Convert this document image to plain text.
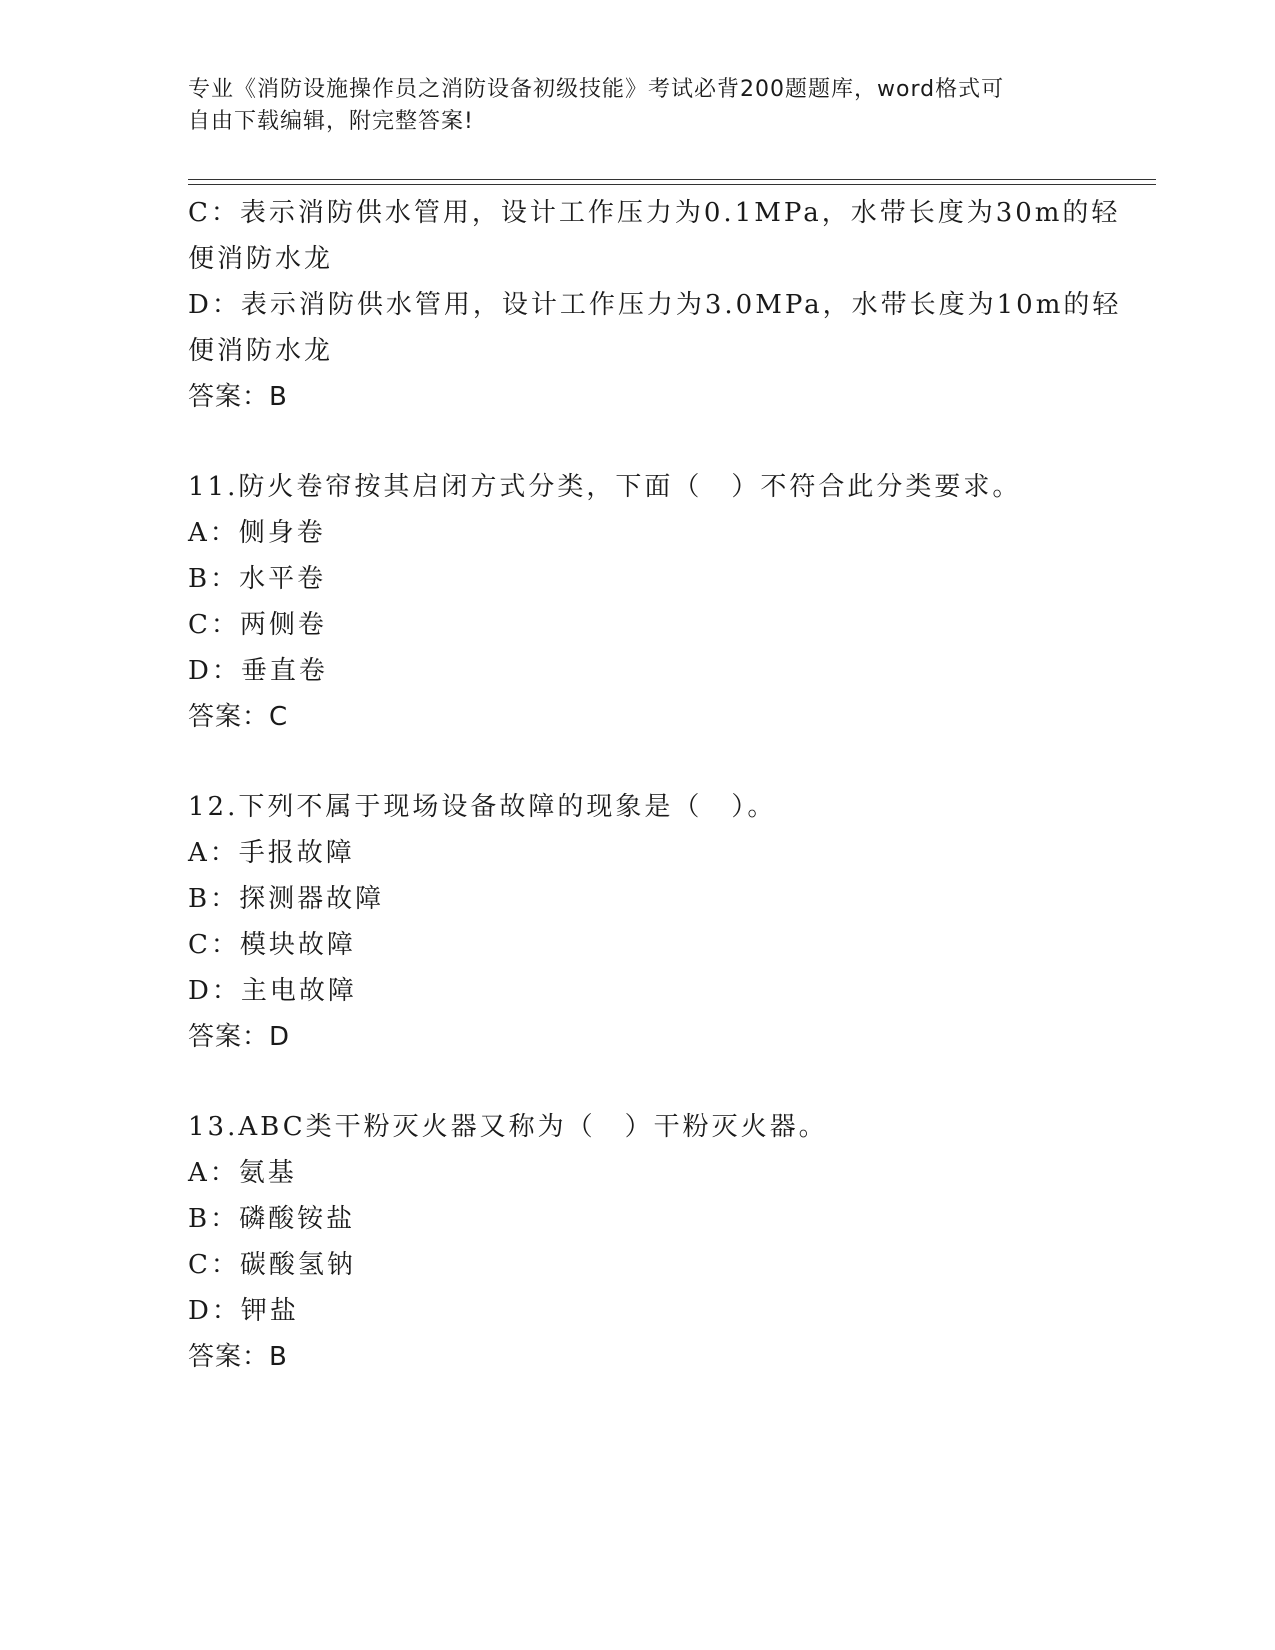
专业《消防设施操作员之消防设备初级技能》考试必背200题题库，word格式可
自由下载编辑，附完整答案!
C：表示消防供水管用，设计工作压力为0.1MPa，水带长度为30m的轻
便消防水龙
D：表示消防供水管用，设计工作压力为3.0MPa，水带长度为10m的轻
便消防水龙
答案：B
11.防火卷帘按其启闭方式分类，下面（　）不符合此分类要求。
A：侧身卷
B：水平卷
C：两侧卷
D：垂直卷
答案：C
12.下列不属于现场设备故障的现象是（　）。
A：手报故障
B：探测器故障
C：模块故障
D：主电故障
答案：D
13.ABC类干粉灭火器又称为（　）干粉灭火器。
A：氨基
B：磷酸铵盐
C：碳酸氢钠
D：钾盐
答案：B
